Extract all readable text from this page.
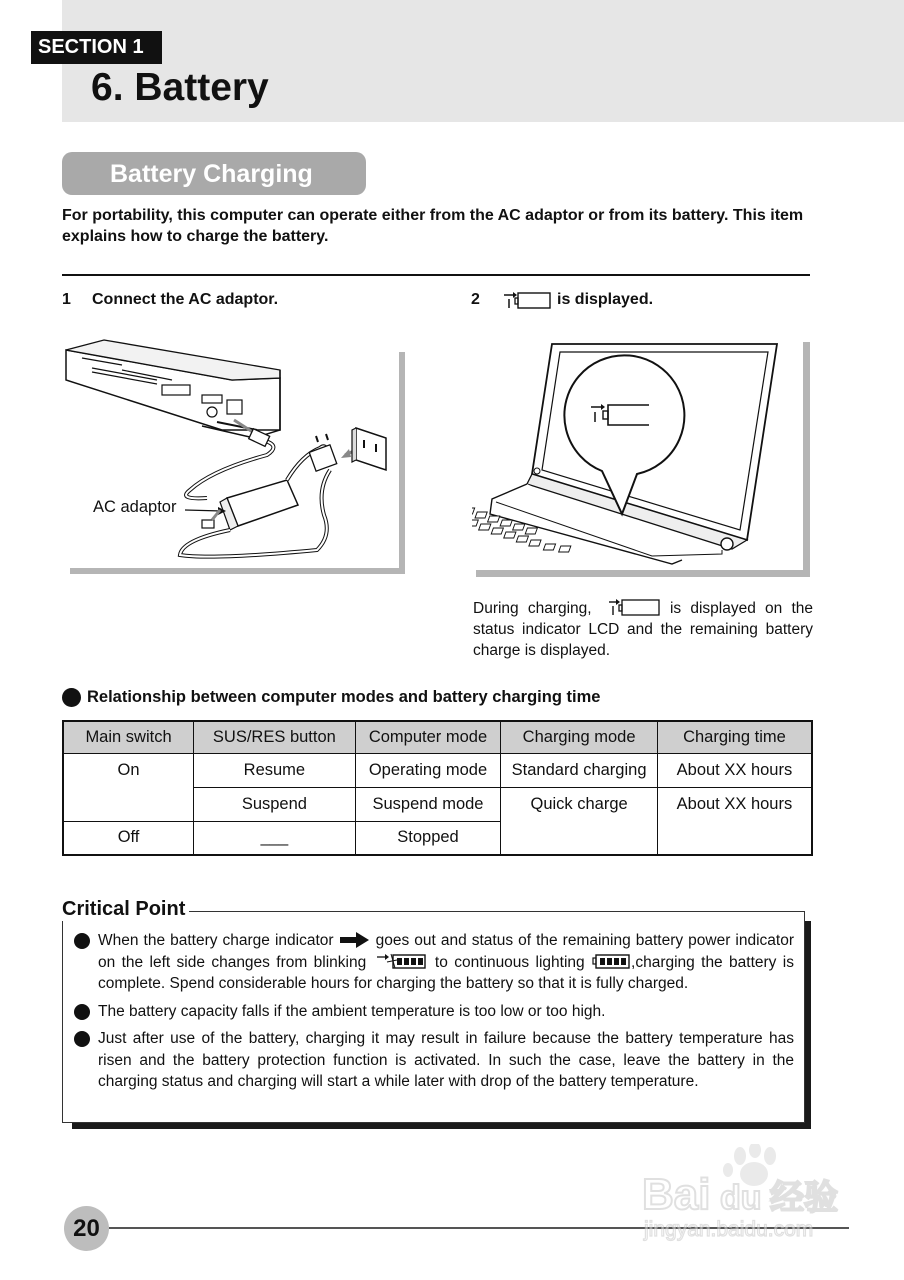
SECTION 1
6. Battery
Battery Charging
For portability, this computer can operate either from the AC adaptor or from its battery. This item explains how to charge the battery.
1	Connect the AC adaptor.	2	is displayed.
AC adaptor
During charging,	is displayed on the status indicator LCD and the remaining battery charge is displayed.
Relationship between computer modes and battery charging time
Main switch	SUS/RES button	Computer mode	Charging mode	Charging time
On	Resume	Operating mode	Standard charging	About XX hours
	Suspend	Suspend mode	Quick charge	About XX hours
Off	___	Stopped		
Critical Point
When the battery charge indicator	goes out and status of the remaining battery power indicator on the left side changes from blinking	to continuous lighting	,charging the battery is complete. Spend considerable hours for charging the battery so that it is fully charged.
The battery capacity falls if the ambient temperature is too low or too high.
Just after use of the battery, charging it may result in failure because the battery temperature has risen and the battery protection function is activated. In such the case, leave the battery in the charging status and charging will start a while later with drop of the battery temperature.
20
Bai du 经验
jingyan.baidu.com
